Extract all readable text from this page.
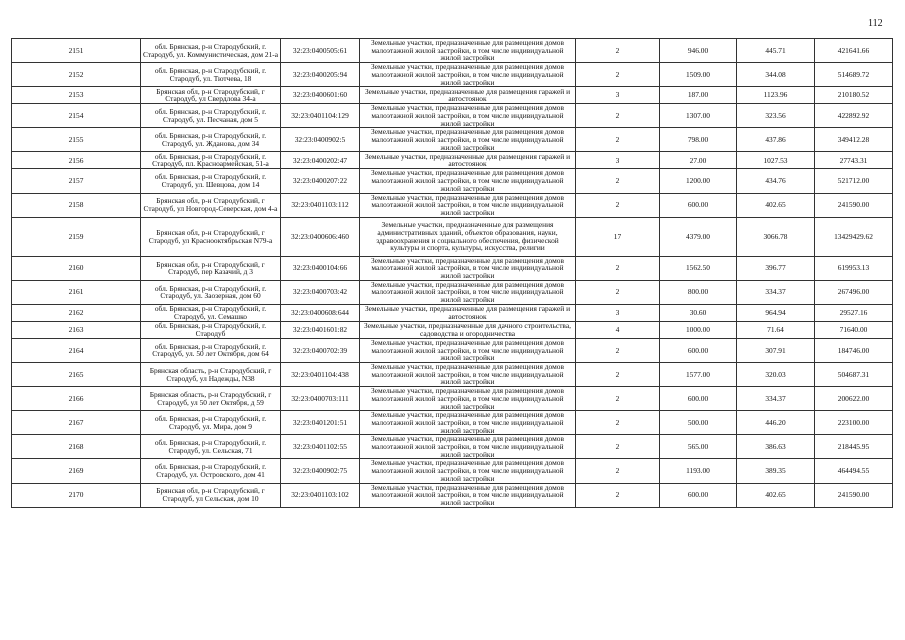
112
2151	обл. Брянская, р-н Стародубский, г. Стародуб, ул. Коммунистическая, дом 21-а	32:23:0400505:61	Земельные участки, предназначенные для размещения домов малоэтажной жилой застройки, в том числе индивидуальной жилой застройки	2	946.00	445.71	421641.66
2152	обл. Брянская, р-н Стародубский, г. Стародуб, ул. Тютчева, 18	32:23:0400205:94	Земельные участки, предназначенные для размещения домов малоэтажной жилой застройки, в том числе индивидуальной жилой застройки	2	1509.00	344.08	514689.72
2153	Брянская обл, р-н Стародубский, г Стародуб, ул Свердлова 34-а	32:23:0400601:60	Земельные участки, предназначенные для размещения гаражей и автостоянок	3	187.00	1123.96	210180.52
2154	обл. Брянская, р-н Стародубский, г. Стародуб, ул. Песчаная, дом 5	32:23:0401104:129	Земельные участки, предназначенные для размещения домов малоэтажной жилой застройки, в том числе индивидуальной жилой застройки	2	1307.00	323.56	422892.92
2155	обл. Брянская, р-н Стародубский, г. Стародуб, ул. Жданова, дом 34	32:23:0400902:5	Земельные участки, предназначенные для размещения домов малоэтажной жилой застройки, в том числе индивидуальной жилой застройки	2	798.00	437.86	349412.28
2156	обл. Брянская, р-н Стародубский, г. Стародуб, пл. Красноармейская, 51-а	32:23:0400202:47	Земельные участки, предназначенные для размещения гаражей и автостоянок	3	27.00	1027.53	27743.31
2157	обл. Брянская, р-н Стародубский, г. Стародуб, ул. Шевцова, дом 14	32:23:0400207:22	Земельные участки, предназначенные для размещения домов малоэтажной жилой застройки, в том числе индивидуальной жилой застройки	2	1200.00	434.76	521712.00
2158	Брянская обл, р-н Стародубский, г Стародуб, ул Новгород-Северская, дом 4-а	32:23:0401103:112	Земельные участки, предназначенные для размещения домов малоэтажной жилой застройки, в том числе индивидуальной жилой застройки	2	600.00	402.65	241590.00
2159	Брянская обл, р-н Стародубский, г Стародуб, ул Краснооктябрьская N79-а	32:23:0400606:460	Земельные участки, предназначенные для размещения административных зданий, объектов образования, науки, здравоохранения и социального обеспечения, физической культуры и спорта, культуры, искусства, религии	17	4379.00	3066.78	13429429.62
2160	Брянская обл, р-н Стародубский, г Стародуб, пер Казачий, д 3	32:23:0400104:66	Земельные участки, предназначенные для размещения домов малоэтажной жилой застройки, в том числе индивидуальной жилой застройки	2	1562.50	396.77	619953.13
2161	обл. Брянская, р-н Стародубский, г. Стародуб, ул. Заозерная, дом 60	32:23:0400703:42	Земельные участки, предназначенные для размещения домов малоэтажной жилой застройки, в том числе индивидуальной жилой застройки	2	800.00	334.37	267496.00
2162	обл. Брянская, р-н Стародубский, г. Стародуб, ул. Семашко	32:23:0400608:644	Земельные участки, предназначенные для размещения гаражей и автостоянок	3	30.60	964.94	29527.16
2163	обл. Брянская, р-н Стародубский, г. Стародуб	32:23:0401601:82	Земельные участки, предназначенные для дачного строительства, садоводства и огородничества	4	1000.00	71.64	71640.00
2164	обл. Брянская, р-н Стародубский, г. Стародуб, ул. 50 лет Октября, дом 64	32:23:0400702:39	Земельные участки, предназначенные для размещения домов малоэтажной жилой застройки, в том числе индивидуальной жилой застройки	2	600.00	307.91	184746.00
2165	Брянская область, р-н Стародубский, г Стародуб, ул Надежды, N38	32:23:0401104:438	Земельные участки, предназначенные для размещения домов малоэтажной жилой застройки, в том числе индивидуальной жилой застройки	2	1577.00	320.03	504687.31
2166	Брянская область, р-н Стародубский, г Стародуб, ул 50 лет Октября, д 59	32:23:0400703:111	Земельные участки, предназначенные для размещения домов малоэтажной жилой застройки, в том числе индивидуальной жилой застройки	2	600.00	334.37	200622.00
2167	обл. Брянская, р-н Стародубский, г. Стародуб, ул. Мира, дом 9	32:23:0401201:51	Земельные участки, предназначенные для размещения домов малоэтажной жилой застройки, в том числе индивидуальной жилой застройки	2	500.00	446.20	223100.00
2168	обл. Брянская, р-н Стародубский, г. Стародуб, ул. Сельская, 71	32:23:0401102:55	Земельные участки, предназначенные для размещения домов малоэтажной жилой застройки, в том числе индивидуальной жилой застройки	2	565.00	386.63	218445.95
2169	обл. Брянская, р-н Стародубский, г. Стародуб, ул. Островского, дом 41	32:23:0400902:75	Земельные участки, предназначенные для размещения домов малоэтажной жилой застройки, в том числе индивидуальной жилой застройки	2	1193.00	389.35	464494.55
2170	Брянская обл, р-н Стародубский, г Стародуб, ул Сельская, дом 10	32:23:0401103:102	Земельные участки, предназначенные для размещения домов малоэтажной жилой застройки, в том числе индивидуальной жилой застройки	2	600.00	402.65	241590.00
